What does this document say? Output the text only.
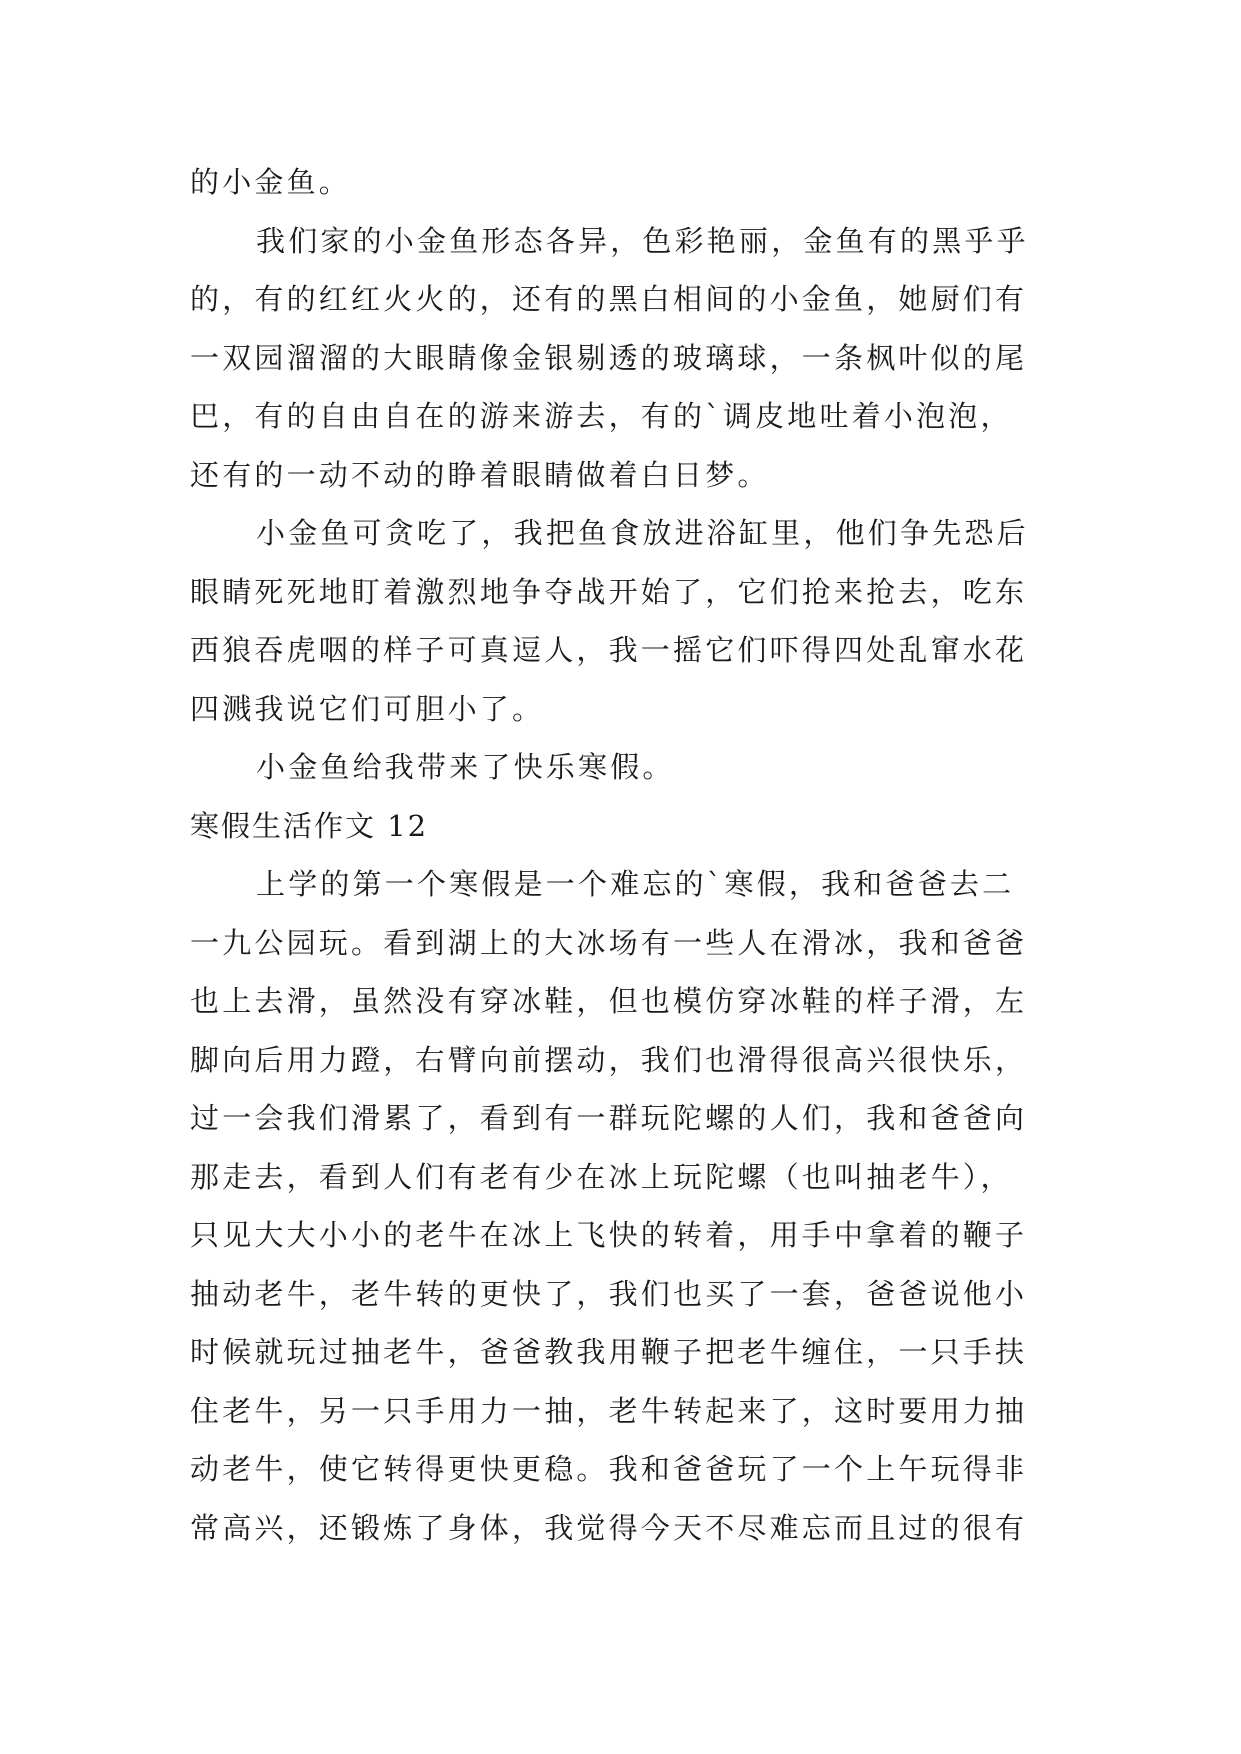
的小金鱼。
我们家的小金鱼形态各异，色彩艳丽，金鱼有的黑乎乎
的，有的红红火火的，还有的黑白相间的小金鱼，她厨们有
一双园溜溜的大眼睛像金银剔透的玻璃球，一条枫叶似的尾
巴，有的自由自在的游来游去，有的`调皮地吐着小泡泡，
还有的一动不动的睁着眼睛做着白日梦。
小金鱼可贪吃了，我把鱼食放进浴缸里，他们争先恐后
眼睛死死地盯着激烈地争夺战开始了，它们抢来抢去，吃东
西狼吞虎咽的样子可真逗人，我一摇它们吓得四处乱窜水花
四溅我说它们可胆小了。
小金鱼给我带来了快乐寒假。
寒假生活作文 12
上学的第一个寒假是一个难忘的`寒假，我和爸爸去二
一九公园玩。看到湖上的大冰场有一些人在滑冰，我和爸爸
也上去滑，虽然没有穿冰鞋，但也模仿穿冰鞋的样子滑，左
脚向后用力蹬，右臂向前摆动，我们也滑得很高兴很快乐，
过一会我们滑累了，看到有一群玩陀螺的人们，我和爸爸向
那走去，看到人们有老有少在冰上玩陀螺（也叫抽老牛），
只见大大小小的老牛在冰上飞快的转着，用手中拿着的鞭子
抽动老牛，老牛转的更快了，我们也买了一套，爸爸说他小
时候就玩过抽老牛，爸爸教我用鞭子把老牛缠住，一只手扶
住老牛，另一只手用力一抽，老牛转起来了，这时要用力抽
动老牛，使它转得更快更稳。我和爸爸玩了一个上午玩得非
常高兴，还锻炼了身体，我觉得今天不尽难忘而且过的很有
